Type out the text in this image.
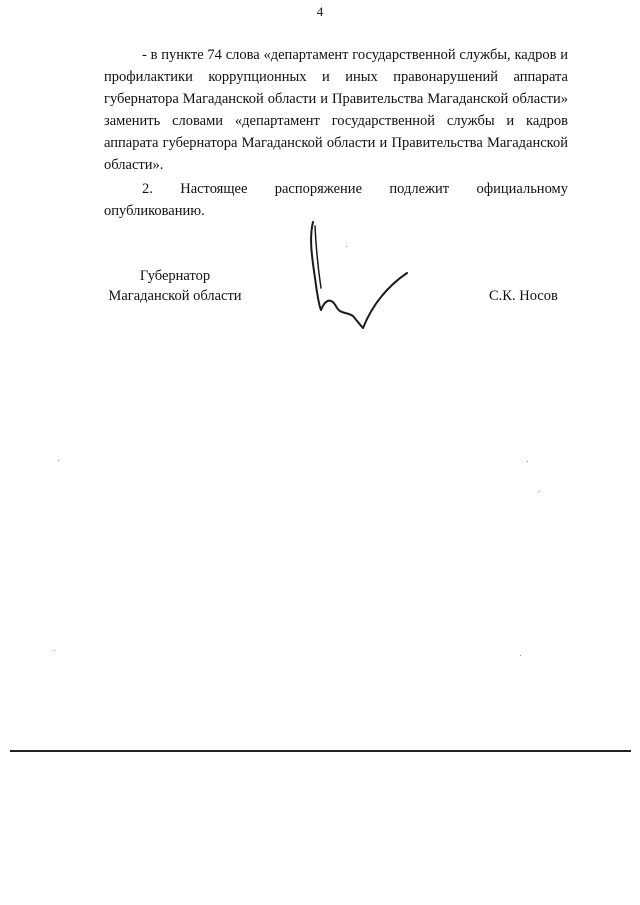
4
- в пункте 74 слова «департамент государственной службы, кадров и профилактики коррупционных и иных правонарушений аппарата губернатора Магаданской области и Правительства Магаданской области» заменить словами «департамент государственной службы и кадров аппарата губернатора Магаданской области и Правительства Магаданской области».
2. Настоящее распоряжение подлежит официальному
опубликованию.
Губернатор
Магаданской области	С.К. Носов
